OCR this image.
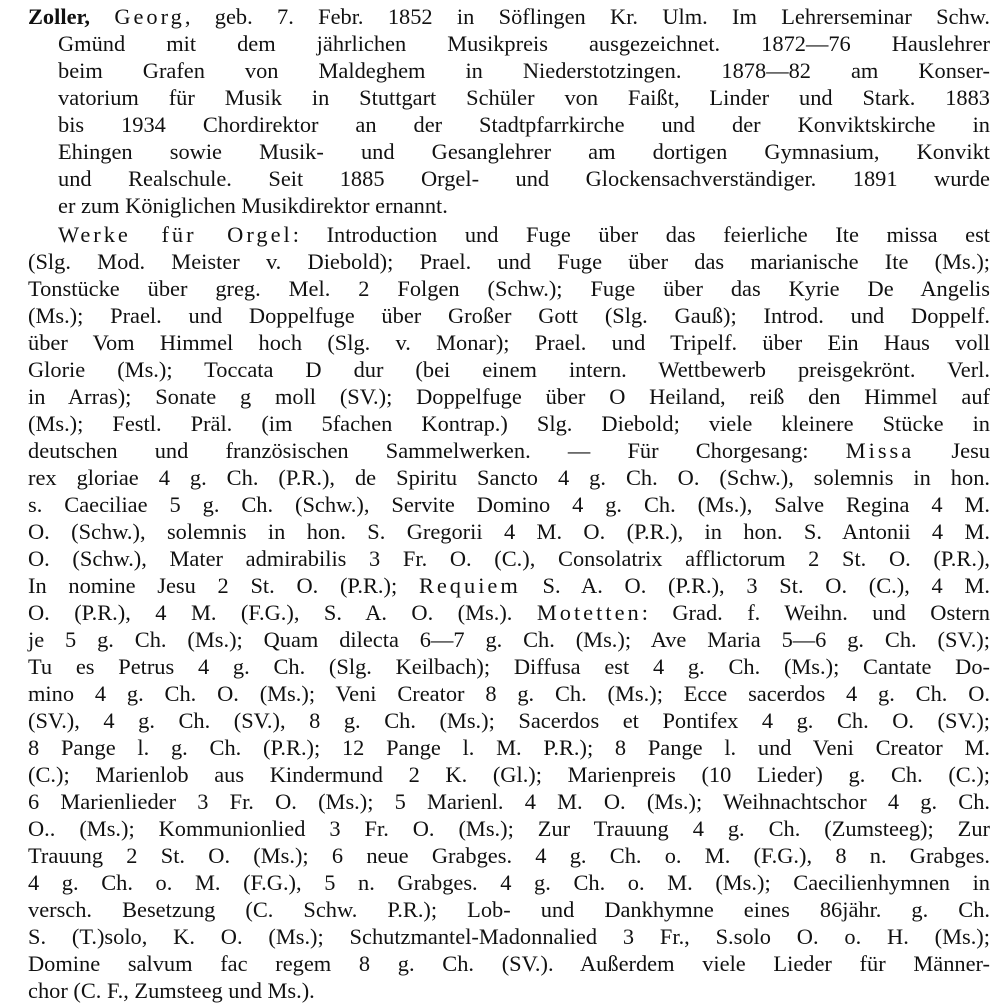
Zoller, Georg, geb. 7. Febr. 1852 in Söflingen Kr. Ulm. Im Lehrerseminar Schw.
Gmünd mit dem jährlichen Musikpreis ausgezeichnet. 1872—76 Hauslehrer
beim Grafen von Maldeghem in Niederstotzingen. 1878—82 am Konser-
vatorium für Musik in Stuttgart Schüler von Faißt, Linder und Stark. 1883
bis 1934 Chordirektor an der Stadtpfarrkirche und der Konviktskirche in
Ehingen sowie Musik- und Gesanglehrer am dortigen Gymnasium, Konvikt
und Realschule. Seit 1885 Orgel- und Glockensachverständiger. 1891 wurde
er zum Königlichen Musikdirektor ernannt.
Werke für Orgel: Introduction und Fuge über das feierliche Ite missa est
(Slg. Mod. Meister v. Diebold); Prael. und Fuge über das marianische Ite (Ms.);
Tonstücke über greg. Mel. 2 Folgen (Schw.); Fuge über das Kyrie De Angelis
(Ms.); Prael. und Doppelfuge über Großer Gott (Slg. Gauß); Introd. und Doppelf.
über Vom Himmel hoch (Slg. v. Monar); Prael. und Tripelf. über Ein Haus voll
Glorie (Ms.); Toccata D dur (bei einem intern. Wettbewerb preisgekrönt. Verl.
in Arras); Sonate g moll (SV.); Doppelfuge über O Heiland, reiß den Himmel auf
(Ms.); Festl. Präl. (im 5fachen Kontrap.) Slg. Diebold; viele kleinere Stücke in
deutschen und französischen Sammelwerken. — Für Chorgesang: Missa Jesu
rex gloriae 4 g. Ch. (P.R.), de Spiritu Sancto 4 g. Ch. O. (Schw.), solemnis in hon.
s. Caeciliae 5 g. Ch. (Schw.), Servite Domino 4 g. Ch. (Ms.), Salve Regina 4 M.
O. (Schw.), solemnis in hon. S. Gregorii 4 M. O. (P.R.), in hon. S. Antonii 4 M.
O. (Schw.), Mater admirabilis 3 Fr. O. (C.), Consolatrix afflictorum 2 St. O. (P.R.),
In nomine Jesu 2 St. O. (P.R.); Requiem S. A. O. (P.R.), 3 St. O. (C.), 4 M.
O. (P.R.), 4 M. (F.G.), S. A. O. (Ms.). Motetten: Grad. f. Weihn. und Ostern
je 5 g. Ch. (Ms.); Quam dilecta 6—7 g. Ch. (Ms.); Ave Maria 5—6 g. Ch. (SV.);
Tu es Petrus 4 g. Ch. (Slg. Keilbach); Diffusa est 4 g. Ch. (Ms.); Cantate Do-
mino 4 g. Ch. O. (Ms.); Veni Creator 8 g. Ch. (Ms.); Ecce sacerdos 4 g. Ch. O.
(SV.), 4 g. Ch. (SV.), 8 g. Ch. (Ms.); Sacerdos et Pontifex 4 g. Ch. O. (SV.);
8 Pange l. g. Ch. (P.R.); 12 Pange l. M. P.R.); 8 Pange l. und Veni Creator M.
(C.); Marienlob aus Kindermund 2 K. (Gl.); Marienpreis (10 Lieder) g. Ch. (C.);
6 Marienlieder 3 Fr. O. (Ms.); 5 Marienl. 4 M. O. (Ms.); Weihnachtschor 4 g. Ch.
O.. (Ms.); Kommunionlied 3 Fr. O. (Ms.); Zur Trauung 4 g. Ch. (Zumsteeg); Zur
Trauung 2 St. O. (Ms.); 6 neue Grabges. 4 g. Ch. o. M. (F.G.), 8 n. Grabges.
4 g. Ch. o. M. (F.G.), 5 n. Grabges. 4 g. Ch. o. M. (Ms.); Caecilienhymnen in
versch. Besetzung (C. Schw. P.R.); Lob- und Dankhymne eines 86jähr. g. Ch.
S. (T.)solo, K. O. (Ms.); Schutzmantel-Madonnalied 3 Fr., S.solo O. o. H. (Ms.);
Domine salvum fac regem 8 g. Ch. (SV.). Außerdem viele Lieder für Männer-
chor (C. F., Zumsteeg und Ms.).
